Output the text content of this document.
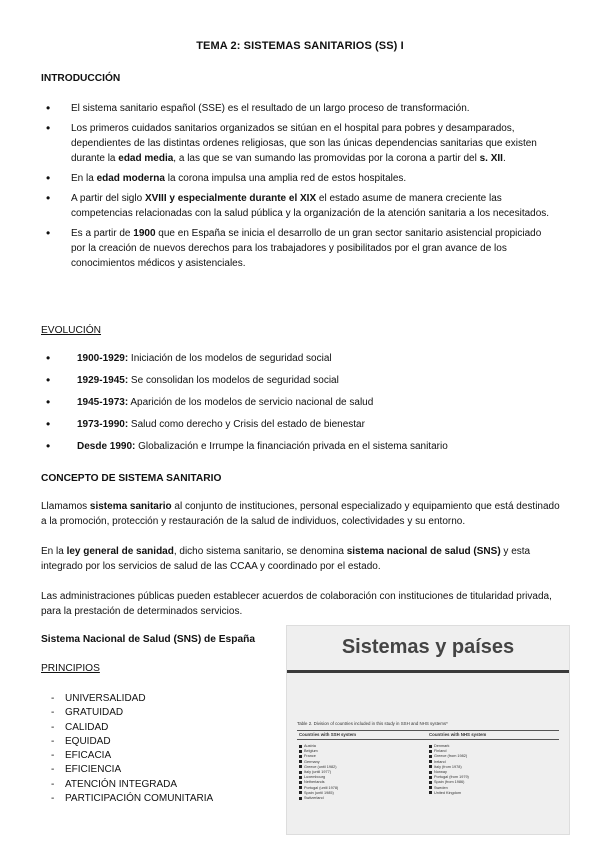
TEMA 2: SISTEMAS SANITARIOS (SS) I
INTRODUCCIÓN
• El sistema sanitario español (SSE) es el resultado de un largo proceso de transformación.
• Los primeros cuidados sanitarios organizados se sitúan en el hospital para pobres y desamparados, dependientes de las distintas ordenes religiosas, que son las únicas dependencias sanitarias que existen durante la edad media, a las que se van sumando las promovidas por la corona a partir del s. XII.
• En la edad moderna la corona impulsa una amplia red de estos hospitales.
• A partir del siglo XVIII y especialmente durante el XIX el estado asume de manera creciente las competencias relacionadas con la salud pública y la organización de la atención sanitaria a los necesitados.
• Es a partir de 1900 que en España se inicia el desarrollo de un gran sector sanitario asistencial propiciado por la creación de nuevos derechos para los trabajadores y posibilitados por el gran avance de los conocimientos médicos y asistenciales.
EVOLUCIÓN
• 1900-1929: Iniciación de los modelos de seguridad social
• 1929-1945: Se consolidan los modelos de seguridad social
• 1945-1973: Aparición de los modelos de servicio nacional de salud
• 1973-1990: Salud como derecho y Crisis del estado de bienestar
• Desde 1990: Globalización e Irrumpe la financiación privada en el sistema sanitario
CONCEPTO DE SISTEMA SANITARIO

Llamamos sistema sanitario al conjunto de instituciones, personal especializado y equipamiento que está destinado a la promoción, protección y restauración de la salud de individuos, colectividades y su entorno.

En la ley general de sanidad, dicho sistema sanitario, se denomina sistema nacional de salud (SNS) y esta integrado por los servicios de salud de las CCAA y coordinado por el estado.

Las administraciones públicas pueden establecer acuerdos de colaboración con instituciones de titularidad privada, para la prestación de determinados servicios.

Sistema Nacional de Salud (SNS) de España
PRINCIPIOS
- UNIVERSALIDAD
- GRATUIDAD
- CALIDAD
- EQUIDAD
- EFICACIA
- EFICIENCIA
- ATENCIÓN INTEGRADA
- PARTICIPACIÓN COMUNITARIA
Sistemas y países
Table 2. Division of countries included in this study in SSH and NHS systems*
Countries with SSH system	Countries with NHS system
Austria
Belgium
France
Germany
Greece (until 1982)
Italy (until 1977)
Luxembourg
Netherlands
Portugal (until 1978)
Spain (until 1985)
Switzerland
Denmark
Finland
Greece (from 1982)
Ireland
Italy (from 1978)
Norway
Portugal (from 1979)
Spain (from 1986)
Sweden
United Kingdom
